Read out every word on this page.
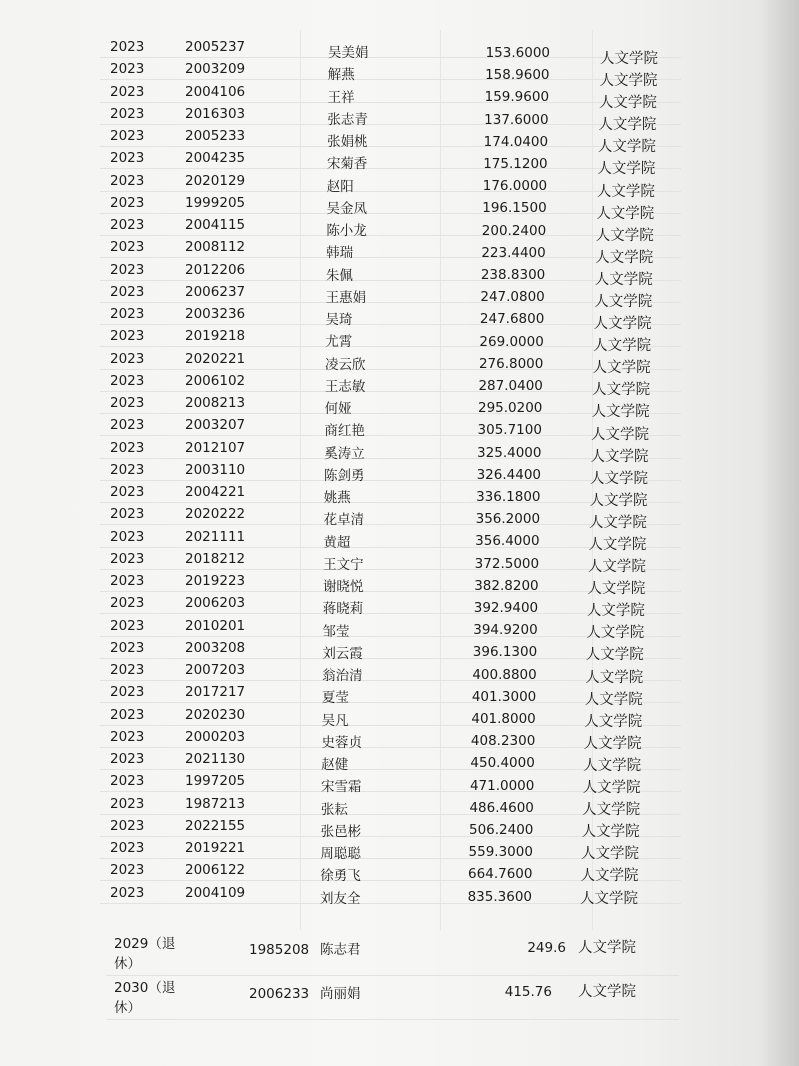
2023	2005237	吴美娟	153.6000	人文学院
2023	2003209	解燕	158.9600	人文学院
2023	2004106	王祥	159.9600	人文学院
2023	2016303	张志青	137.6000	人文学院
2023	2005233	张娟桃	174.0400	人文学院
2023	2004235	宋菊香	175.1200	人文学院
2023	2020129	赵阳	176.0000	人文学院
2023	1999205	吴金凤	196.1500	人文学院
2023	2004115	陈小龙	200.2400	人文学院
2023	2008112	韩瑞	223.4400	人文学院
2023	2012206	朱佩	238.8300	人文学院
2023	2006237	王惠娟	247.0800	人文学院
2023	2003236	吴琦	247.6800	人文学院
2023	2019218	尤霄	269.0000	人文学院
2023	2020221	凌云欣	276.8000	人文学院
2023	2006102	王志敏	287.0400	人文学院
2023	2008213	何娅	295.0200	人文学院
2023	2003207	商红艳	305.7100	人文学院
2023	2012107	奚涛立	325.4000	人文学院
2023	2003110	陈剑勇	326.4400	人文学院
2023	2004221	姚燕	336.1800	人文学院
2023	2020222	花卓清	356.2000	人文学院
2023	2021111	黄超	356.4000	人文学院
2023	2018212	王文宁	372.5000	人文学院
2023	2019223	谢晓悦	382.8200	人文学院
2023	2006203	蒋晓莉	392.9400	人文学院
2023	2010201	邹莹	394.9200	人文学院
2023	2003208	刘云霞	396.1300	人文学院
2023	2007203	翁治清	400.8800	人文学院
2023	2017217	夏莹	401.3000	人文学院
2023	2020230	吴凡	401.8000	人文学院
2023	2000203	史蓉贞	408.2300	人文学院
2023	2021130	赵健	450.4000	人文学院
2023	1997205	宋雪霜	471.0000	人文学院
2023	1987213	张耘	486.4600	人文学院
2023	2022155	张邑彬	506.2400	人文学院
2023	2019221	周聪聪	559.3000	人文学院
2023	2006122	徐勇飞	664.7600	人文学院
2023	2004109	刘友全	835.3600	人文学院
2029（退
休）
1985208 陈志君	249.6 人文学院
2030（退
休）
2006233 尚丽娟	415.76 人文学院
